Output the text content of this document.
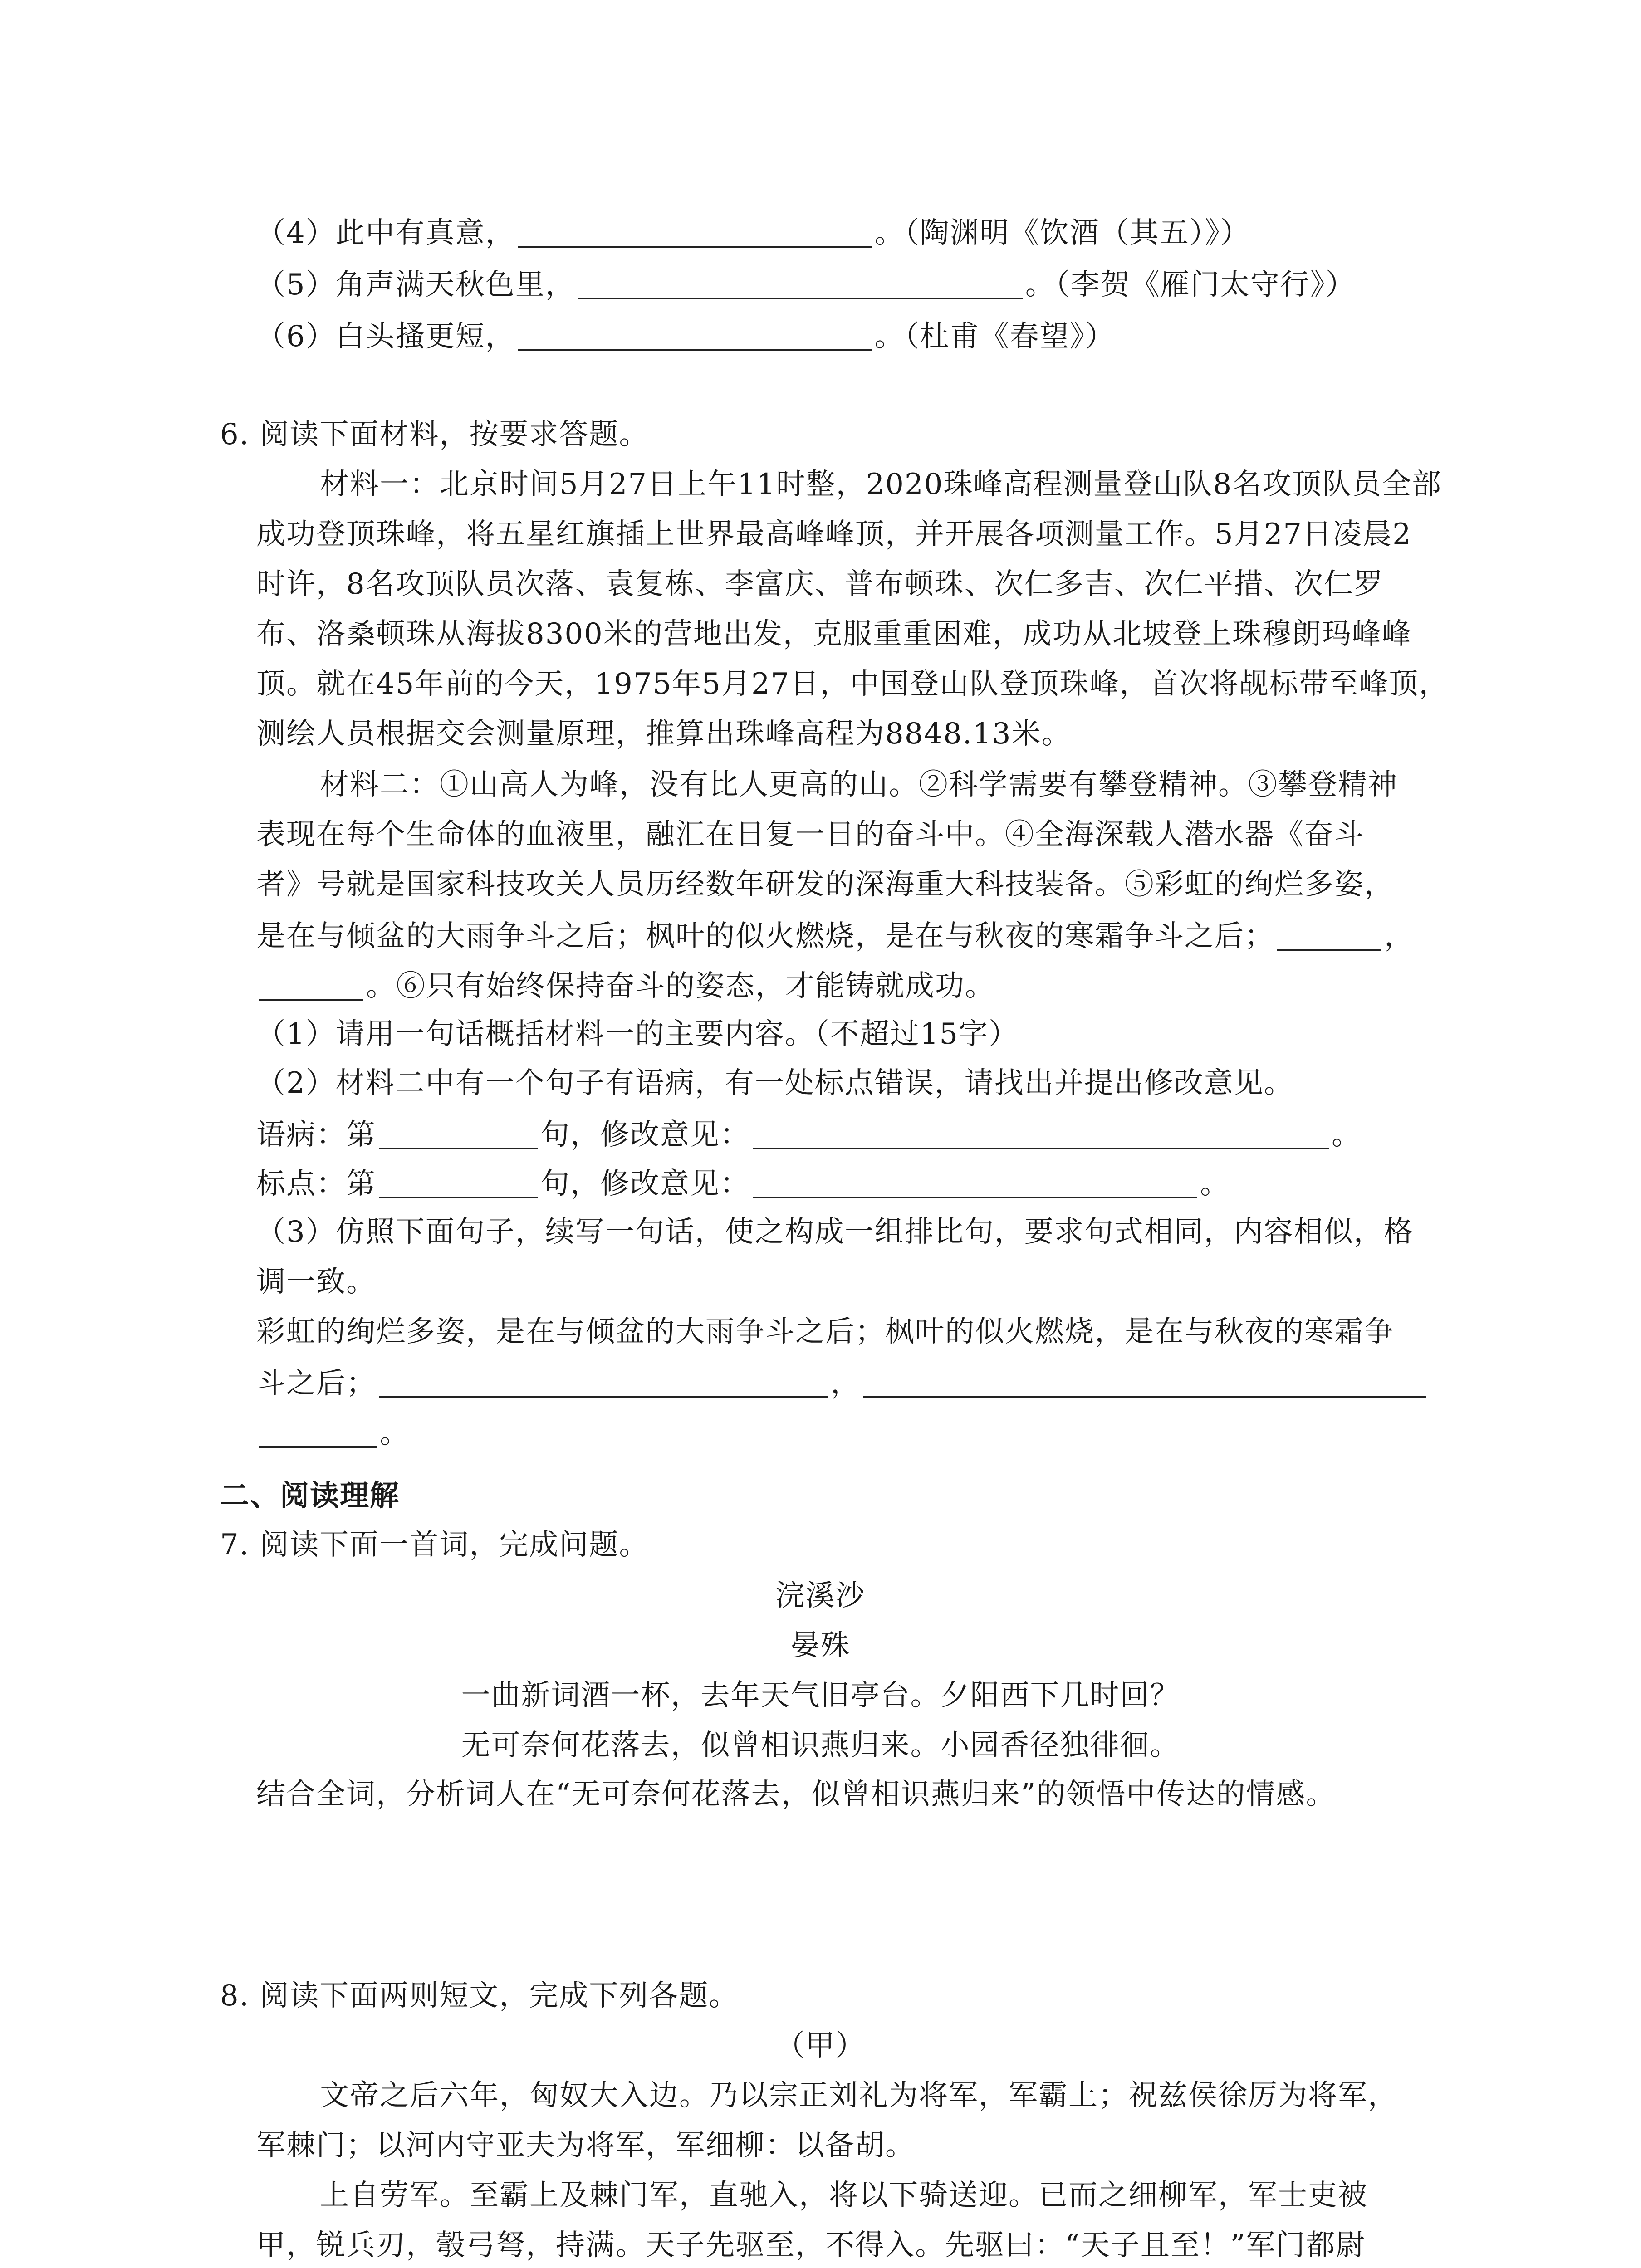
（4）此中有真意，	。（陶渊明《饮酒（其五）》）
（5）角声满天秋色里，	。（李贺《雁门太守行》）
（6）白头搔更短，	。（杜甫《春望》）
6. 阅读下面材料，按要求答题。
材料一：北京时间5月27日上午11时整，2020珠峰高程测量登山队8名攻顶队员全部
成功登顶珠峰，将五星红旗插上世界最高峰峰顶，并开展各项测量工作。5月27日凌晨2
时许，8名攻顶队员次落、袁复栋、李富庆、普布顿珠、次仁多吉、次仁平措、次仁罗
布、洛桑顿珠从海拔8300米的营地出发，克服重重困难，成功从北坡登上珠穆朗玛峰峰
顶。就在45年前的今天，1975年5月27日，中国登山队登顶珠峰，首次将觇标带至峰顶，
测绘人员根据交会测量原理，推算出珠峰高程为8848.13米。
材料二：①山高人为峰，没有比人更高的山。②科学需要有攀登精神。③攀登精神
表现在每个生命体的血液里，融汇在日复一日的奋斗中。④全海深载人潜水器《奋斗
者》号就是国家科技攻关人员历经数年研发的深海重大科技装备。⑤彩虹的绚烂多姿，
是在与倾盆的大雨争斗之后；枫叶的似火燃烧，是在与秋夜的寒霜争斗之后；	，
。⑥只有始终保持奋斗的姿态，才能铸就成功。
（1）请用一句话概括材料一的主要内容。（不超过15字）
（2）材料二中有一个句子有语病，有一处标点错误，请找出并提出修改意见。
语病：第	句，修改意见：	。
标点：第	句，修改意见：	。
（3）仿照下面句子，续写一句话，使之构成一组排比句，要求句式相同，内容相似，格
调一致。
彩虹的绚烂多姿，是在与倾盆的大雨争斗之后；枫叶的似火燃烧，是在与秋夜的寒霜争
斗之后；	，
。
二、阅读理解
7. 阅读下面一首词，完成问题。
浣溪沙
晏殊
一曲新词酒一杯，去年天气旧亭台。夕阳西下几时回？
无可奈何花落去，似曾相识燕归来。小园香径独徘徊。
结合全词，分析词人在“无可奈何花落去，似曾相识燕归来”的领悟中传达的情感。
8. 阅读下面两则短文，完成下列各题。
（甲）
文帝之后六年，匈奴大入边。乃以宗正刘礼为将军，军霸上；祝兹侯徐厉为将军，
军棘门；以河内守亚夫为将军，军细柳：以备胡。
上自劳军。至霸上及棘门军，直驰入，将以下骑送迎。已而之细柳军，军士吏被
甲，锐兵刃，彀弓弩，持满。天子先驱至，不得入。先驱曰：“天子且至！”军门都尉
